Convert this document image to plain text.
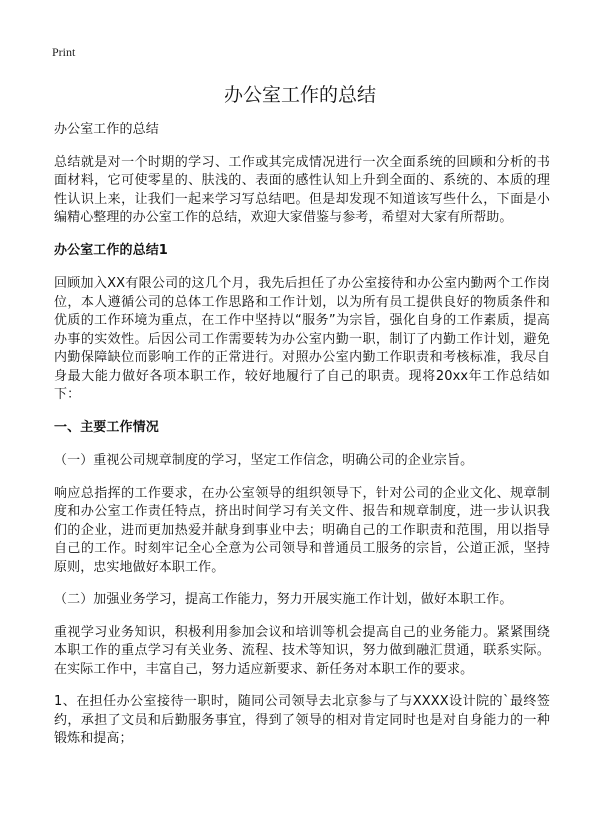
Print
办公室工作的总结

办公室工作的总结

总结就是对一个时期的学习、工作或其完成情况进行一次全面系统的回顾和分析的书面材料，它可使零星的、肤浅的、表面的感性认知上升到全面的、系统的、本质的理性认识上来，让我们一起来学习写总结吧。但是却发现不知道该写些什么，下面是小编精心整理的办公室工作的总结，欢迎大家借鉴与参考，希望对大家有所帮助。

办公室工作的总结1

回顾加入XX有限公司的这几个月，我先后担任了办公室接待和办公室内勤两个工作岗位，本人遵循公司的总体工作思路和工作计划，以为所有员工提供良好的物质条件和优质的工作环境为重点，在工作中坚持以“服务”为宗旨，强化自身的工作素质，提高办事的实效性。后因公司工作需要转为办公室内勤一职，制订了内勤工作计划，避免内勤保障缺位而影响工作的正常进行。对照办公室内勤工作职责和考核标准，我尽自身最大能力做好各项本职工作，较好地履行了自己的职责。现将20xx年工作总结如下：

一、主要工作情况

（一）重视公司规章制度的学习，坚定工作信念，明确公司的企业宗旨。

响应总指挥的工作要求，在办公室领导的组织领导下，针对公司的企业文化、规章制度和办公室工作责任特点，挤出时间学习有关文件、报告和规章制度，进一步认识我们的企业，进而更加热爱并献身到事业中去；明确自己的工作职责和范围，用以指导自己的工作。时刻牢记全心全意为公司领导和普通员工服务的宗旨，公道正派，坚持原则，忠实地做好本职工作。

（二）加强业务学习，提高工作能力，努力开展实施工作计划，做好本职工作。

重视学习业务知识，积极利用参加会议和培训等机会提高自己的业务能力。紧紧围绕本职工作的重点学习有关业务、流程、技术等知识，努力做到融汇贯通，联系实际。在实际工作中，丰富自己，努力适应新要求、新任务对本职工作的要求。

1、在担任办公室接待一职时，随同公司领导去北京参与了与XXXX设计院的`最终签约，承担了文员和后勤服务事宜，得到了领导的相对肯定同时也是对自身能力的一种锻炼和提高；
